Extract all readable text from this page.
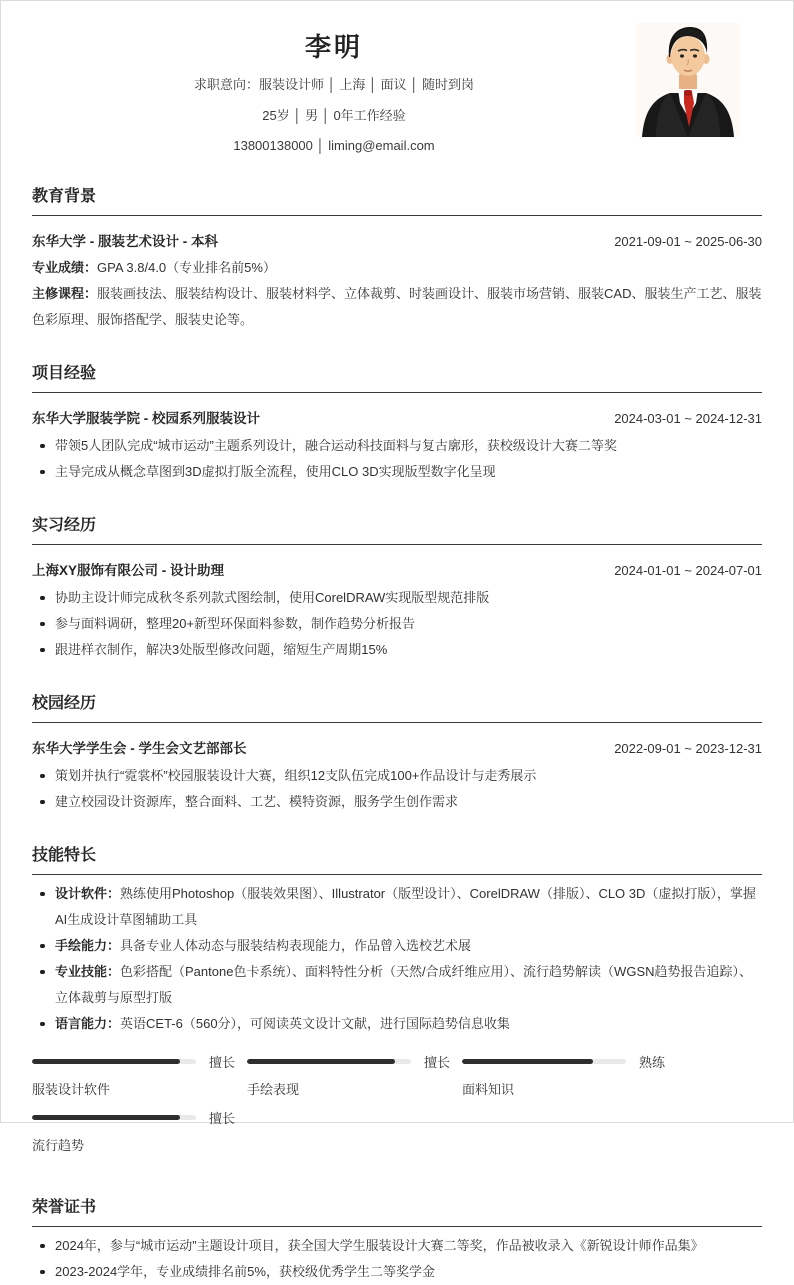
李明
求职意向：服装设计师 │ 上海 │ 面议 │ 随时到岗
25岁 │ 男 │ 0年工作经验
13800138000 │ liming@email.com
教育背景
东华大学 - 服装艺术设计 - 本科	2021-09-01 ~ 2025-06-30
专业成绩：GPA 3.8/4.0（专业排名前5%）
主修课程：服装画技法、服装结构设计、服装材料学、立体裁剪、时装画设计、服装市场营销、服装CAD、服装生产工艺、服装色彩原理、服饰搭配学、服装史论等。
项目经验
东华大学服装学院 - 校园系列服装设计	2024-03-01 ~ 2024-12-31
带领5人团队完成“城市运动”主题系列设计，融合运动科技面料与复古廓形，获校级设计大赛二等奖
主导完成从概念草图到3D虚拟打版全流程，使用CLO 3D实现版型数字化呈现
实习经历
上海XY服饰有限公司 - 设计助理	2024-01-01 ~ 2024-07-01
协助主设计师完成秋冬系列款式图绘制，使用CorelDRAW实现版型规范排版
参与面料调研，整理20+新型环保面料参数，制作趋势分析报告
跟进样衣制作，解决3处版型修改问题，缩短生产周期15%
校园经历
东华大学学生会 - 学生会文艺部部长	2022-09-01 ~ 2023-12-31
策划并执行“霓裳杯”校园服装设计大赛，组织12支队伍完成100+作品设计与走秀展示
建立校园设计资源库，整合面料、工艺、模特资源，服务学生创作需求
技能特长
设计软件：熟练使用Photoshop（服装效果图）、Illustrator（版型设计）、CorelDRAW（排版）、CLO 3D（虚拟打版），掌握AI生成设计草图辅助工具
手绘能力：具备专业人体动态与服装结构表现能力，作品曾入选校艺术展
专业技能：色彩搭配（Pantone色卡系统）、面料特性分析（天然/合成纤维应用）、流行趋势解读（WGSN趋势报告追踪）、立体裁剪与原型打版
语言能力：英语CET-6（560分），可阅读英文设计文献，进行国际趋势信息收集
擅长
服装设计软件
擅长
手绘表现
熟练
面料知识
擅长
流行趋势
荣誉证书
2024年，参与“城市运动”主题设计项目，获全国大学生服装设计大赛二等奖，作品被收录入《新锐设计师作品集》
2023-2024学年，专业成绩排名前5%，获校级优秀学生二等奖学金
